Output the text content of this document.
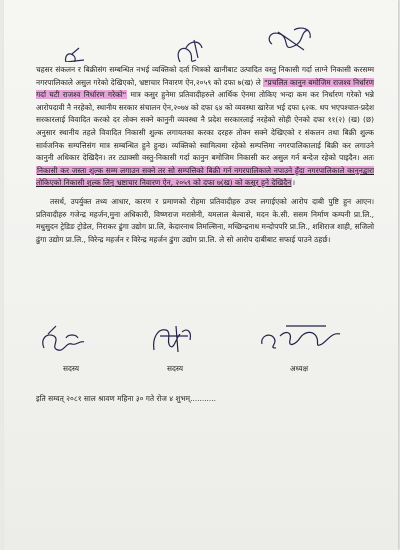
चहसर संकलन र बिक्रीसंग सम्बन्धित नभई व्यक्तिको दर्ता भित्रको खानीबाट उत्पादित वस्तु निकासी गर्दा लाग्ने निकासी करसम्म नगरपालिकाले असुल गरेको देखिएको, भ्रष्टाचार निवारण ऐन,२०५९ को दफा ७(ख) ले "प्रचलित कानुन बमोजिम राजश्व निर्धारण गर्दा घटी राजश्व निर्धारण गरेको" मात्र कसुर हुनेमा प्रतिवादीहरुले आर्थिक ऐनमा तोकिए भन्दा कम कर निर्धारण गरेको भन्ने आरोपदावी नै नरहेको, स्थानीय सरकार संचालन ऐन,२०७४ को दफा ६४ को व्यवस्था खारेज भई दफा ६२क. थप भएपश्चात-प्रदेश सरकारलाई विवादित करको दर तोक्न सक्ने कानुनी व्यवस्था नै प्रदेश सरकारलाई नरहेको सोही ऐनको दफा ११(२) (ख) (छ) अनुसार स्थानीय तहले विवादित निकासी शुल्क लगायतका करका दरहरु तोक्न सक्ने देखिएको र संकलन तथा बिक्री शुल्क सार्वजनिक सम्पत्तिसंग मात्र सम्बन्धित हुने हुन्छ। व्यक्तिको स्वामित्वमा रहेको सम्पत्तिमा नगरपालिकालाई बिक्री कर लगाउने कानुनी अधिकार देखिदैन। तर ट्याक्सी वस्तु-निकासी गर्दा कानुन बमोजिम निकासी कर असुल गर्न बन्देज रहेको पाइदैन। अतः निकासी कर जस्ता शुल्क सम्म लगाउन सक्ने तर सो सम्पत्तिको बिक्री गर्न नगरपालिकाले नपाउने हुँदा नगरपालिकाले कानुनद्वारा तोकिएको निकासी शुल्क लिनु भ्रष्टाचार निवारण ऐन, २०५९ को दफा ७(ख) को कसूर हुने देखिदैन।

तसर्थ, उपर्युक्त तथ्य आधार, कारण र प्रमाणको रोहमा प्रतिवादीहरु उपर लगाईएको आरोप दाबी पुष्टि हुन आएन। प्रतिवादीहरु गजेन्द्र महर्जन,मुना अधिकारी, विष्णराज मरासेनी, यमलाल बेल्वासे, मदन के.सी. ससम निर्माण कम्पनी प्रा.लि., मधुसुदन ट्रेडिङ ट्रोडेल, निराकर ढुंगा उद्योग प्रा.लि, केदारनाथ तिमल्सिना, मच्छिन्द्रनाथ मन्दोपपरि प्रा.लि., शशिराज शाही, सजिलो ढुंगा उद्योग प्रा.लि., विरेन्द्र महर्जन र विरेन्द्र महर्जन ढुंगा उद्योग प्रा.लि. ले सो आरोप दाबीबाट सफाई पाउने ठहर्छ।

सदस्य	सदस्य	अध्यक्ष
इति सम्वत् २०८१ साल श्रावण महिना ३० गते रोज ४ शुभम्...........
